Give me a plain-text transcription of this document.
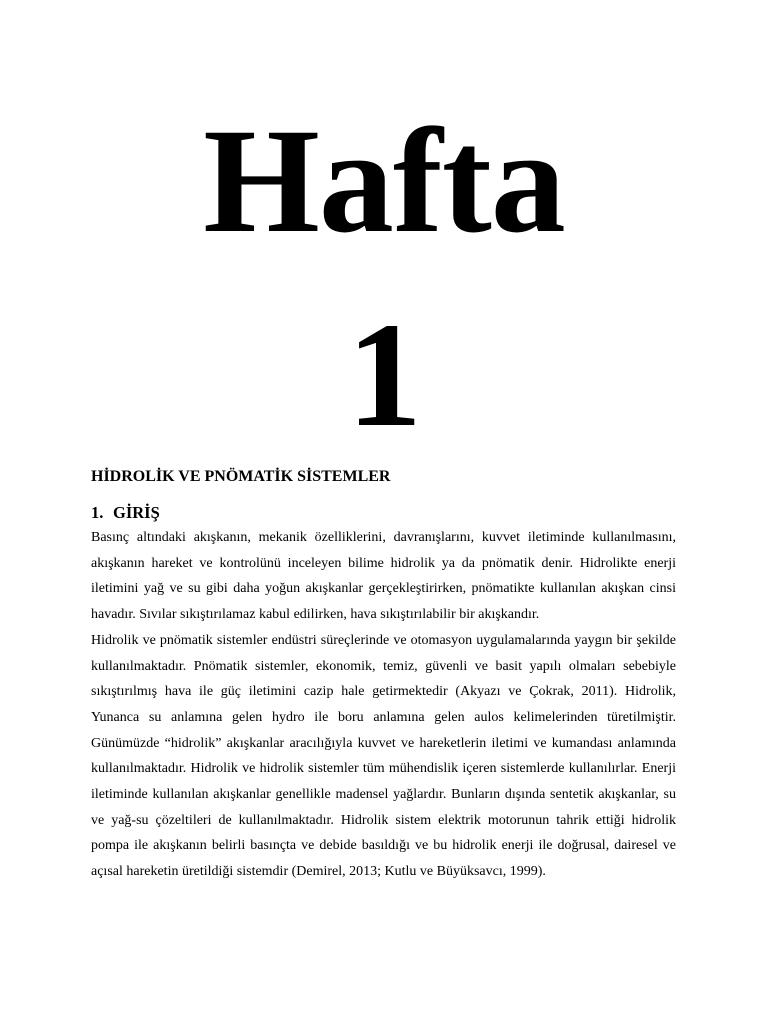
Hafta
1
HİDROLİK VE PNÖMATİK SİSTEMLER
1. GİRİŞ

Basınç altındaki akışkanın, mekanik özelliklerini, davranışlarını, kuvvet iletiminde kullanılmasını, akışkanın hareket ve kontrolünü inceleyen bilime hidrolik ya da pnömatik denir. Hidrolikte enerji iletimini yağ ve su gibi daha yoğun akışkanlar gerçekleştirirken, pnömatikte kullanılan akışkan cinsi havadır. Sıvılar sıkıştırılamaz kabul edilirken, hava sıkıştırılabilir bir akışkandır.

Hidrolik ve pnömatik sistemler endüstri süreçlerinde ve otomasyon uygulamalarında yaygın bir şekilde kullanılmaktadır. Pnömatik sistemler, ekonomik, temiz, güvenli ve basit yapılı olmaları sebebiyle sıkıştırılmış hava ile güç iletimini cazip hale getirmektedir (Akyazı ve Çokrak, 2011). Hidrolik, Yunanca su anlamına gelen hydro ile boru anlamına gelen aulos kelimelerinden türetilmiştir. Günümüzde “hidrolik” akışkanlar aracılığıyla kuvvet ve hareketlerin iletimi ve kumandası anlamında kullanılmaktadır. Hidrolik ve hidrolik sistemler tüm mühendislik içeren sistemlerde kullanılırlar. Enerji iletiminde kullanılan akışkanlar genellikle madensel yağlardır. Bunların dışında sentetik akışkanlar, su ve yağ-su çözeltileri de kullanılmaktadır. Hidrolik sistem elektrik motorunun tahrik ettiği hidrolik pompa ile akışkanın belirli basınçta ve debide basıldığı ve bu hidrolik enerji ile doğrusal, dairesel ve açısal hareketin üretildiği sistemdir (Demirel, 2013; Kutlu ve Büyüksavcı, 1999).
